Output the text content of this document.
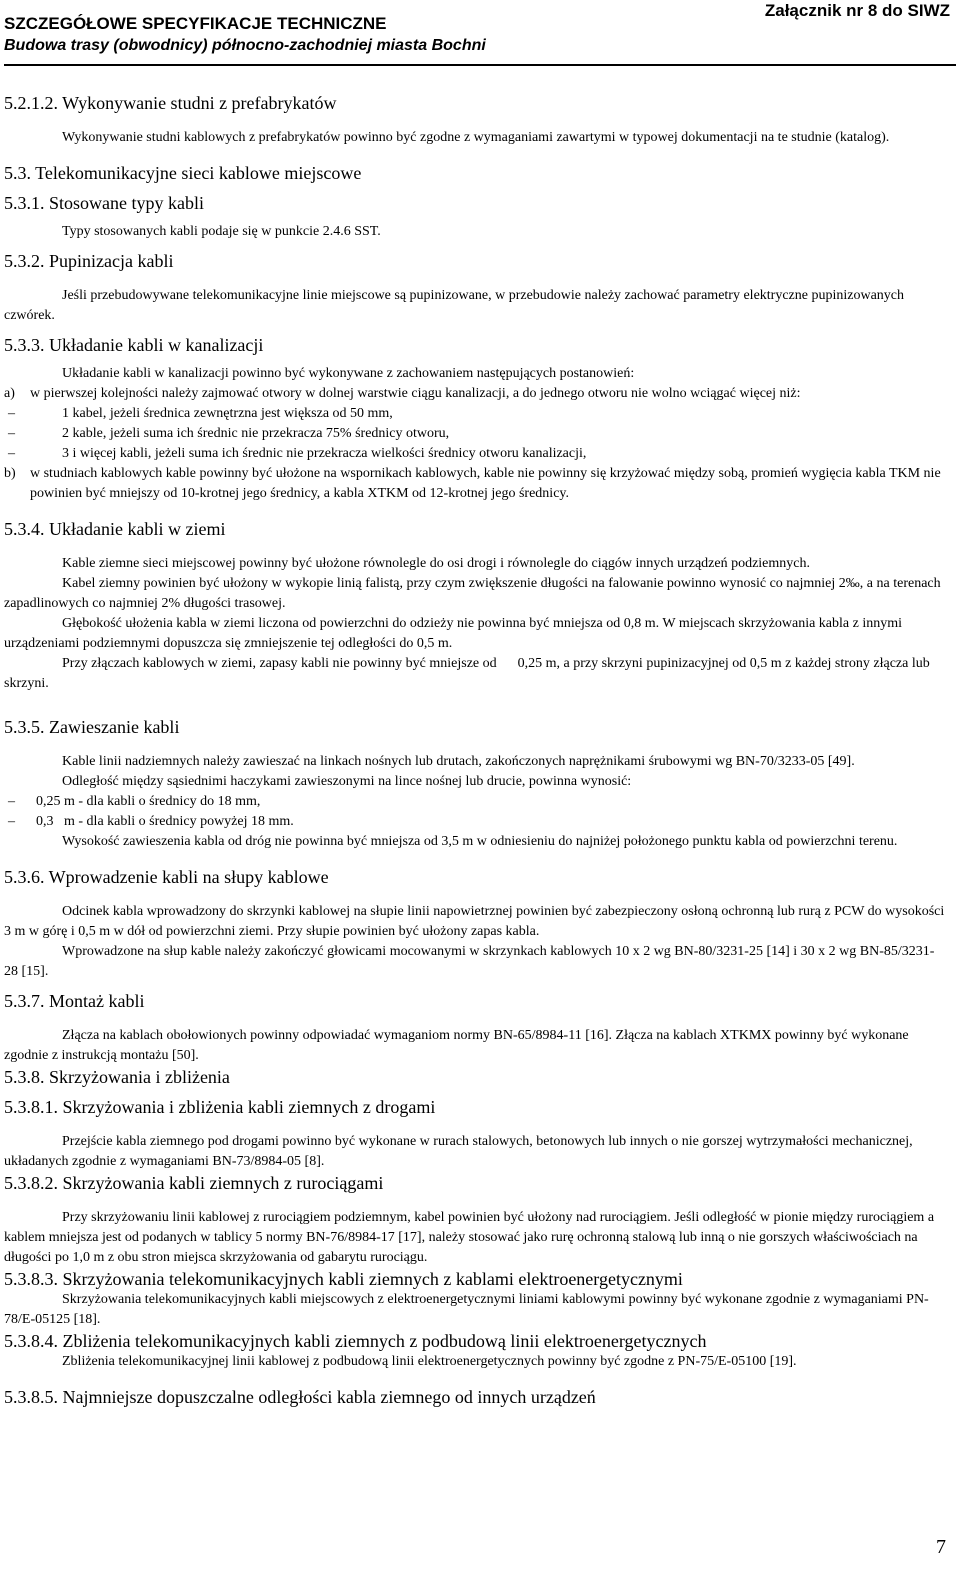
SZCZEGÓŁOWE SPECYFIKACJE TECHNICZNE
Budowa trasy (obwodnicy) północno-zachodniej miasta Bochni
Załącznik nr 8 do SIWZ
5.2.1.2. Wykonywanie studni z prefabrykatów

Wykonywanie studni kablowych z prefabrykatów powinno być zgodne z wymaganiami zawartymi w typowej dokumentacji na te studnie (katalog).

5.3. Telekomunikacyjne sieci kablowe miejscowe
5.3.1. Stosowane typy kabli

Typy stosowanych kabli podaje się w punkcie 2.4.6 SST.

5.3.2. Pupinizacja kabli

Jeśli przebudowywane telekomunikacyjne linie miejscowe są pupinizowane, w przebudowie należy zachować parametry elektryczne pupinizowanych czwórek.

5.3.3. Układanie kabli w kanalizacji

Układanie kabli w kanalizacji powinno być wykonywane z zachowaniem następujących postanowień:

a)	w pierwszej kolejności należy zajmować otwory w dolnej warstwie ciągu kanalizacji, a do jednego otworu nie wolno wciągać więcej niż:
–	1 kabel, jeżeli średnica zewnętrzna jest większa od 50 mm,
–	2 kable, jeżeli suma ich średnic nie przekracza 75% średnicy otworu,
–	3 i więcej kabli, jeżeli suma ich średnic nie przekracza wielkości średnicy otworu kanalizacji,
b)	w studniach kablowych kable powinny być ułożone na wspornikach kablowych, kable nie powinny się krzyżować między sobą, promień wygięcia kabla TKM nie powinien być mniejszy od 10-krotnej jego średnicy, a kabla XTKM od 12-krotnej jego średnicy.
5.3.4. Układanie kabli w ziemi

Kable ziemne sieci miejscowej powinny być ułożone równolegle do osi drogi i równolegle do ciągów innych urządzeń podziemnych.

Kabel ziemny powinien być ułożony w wykopie linią falistą, przy czym zwiększenie długości na falowanie powinno wynosić co najmniej 2‰, a na terenach zapadlinowych co najmniej 2% długości trasowej.

Głębokość ułożenia kabla w ziemi liczona od powierzchni do odzieży nie powinna być mniejsza od 0,8 m. W miejscach skrzyżowania kabla z innymi urządzeniami podziemnymi dopuszcza się zmniejszenie tej odległości do 0,5 m.

Przy złączach kablowych w ziemi, zapasy kabli nie powinny być mniejsze od      0,25 m, a przy skrzyni pupinizacyjnej od 0,5 m z każdej strony złącza lub skrzyni.

5.3.5. Zawieszanie kabli

Kable linii nadziemnych należy zawieszać na linkach nośnych lub drutach, zakończonych naprężnikami śrubowymi wg BN-70/3233-05 [49].

Odległość między sąsiednimi haczykami zawieszonymi na lince nośnej lub drucie, powinna wynosić:

–	0,25 m - dla kabli o średnicy do 18 mm,
–	0,3   m - dla kabli o średnicy powyżej 18 mm.

Wysokość zawieszenia kabla od dróg nie powinna być mniejsza od 3,5 m w odniesieniu do najniżej położonego punktu kabla od powierzchni terenu.

5.3.6. Wprowadzenie kabli na słupy kablowe

Odcinek kabla wprowadzony do skrzynki kablowej na słupie linii napowietrznej powinien być zabezpieczony osłoną ochronną lub rurą z PCW do wysokości 3 m w górę i 0,5 m w dół od powierzchni ziemi. Przy słupie powinien być ułożony zapas kabla.

Wprowadzone na słup kable należy zakończyć głowicami mocowanymi w skrzynkach kablowych 10 x 2 wg BN-80/3231-25 [14] i 30 x 2 wg BN-85/3231-28 [15].

5.3.7. Montaż kabli

Złącza na kablach obołowionych powinny odpowiadać wymaganiom normy BN-65/8984-11 [16]. Złącza na kablach XTKMX powinny być wykonane zgodnie z instrukcją montażu [50].

5.3.8. Skrzyżowania i zbliżenia
5.3.8.1. Skrzyżowania i zbliżenia kabli ziemnych z drogami

Przejście kabla ziemnego pod drogami powinno być wykonane w rurach stalowych, betonowych lub innych o nie gorszej wytrzymałości mechanicznej, układanych zgodnie z wymaganiami BN-73/8984-05 [8].

5.3.8.2. Skrzyżowania kabli ziemnych z rurociągami

Przy skrzyżowaniu linii kablowej z rurociągiem podziemnym, kabel powinien być ułożony nad rurociągiem. Jeśli odległość w pionie między rurociągiem a kablem mniejsza jest od podanych w tablicy 5 normy BN-76/8984-17 [17], należy stosować jako rurę ochronną stalową lub inną o nie gorszych właściwościach na długości po 1,0 m z obu stron miejsca skrzyżowania od gabarytu rurociągu.

5.3.8.3. Skrzyżowania telekomunikacyjnych kabli ziemnych z kablami elektroenergetycznymi

Skrzyżowania telekomunikacyjnych kabli miejscowych z elektroenergetycznymi liniami kablowymi powinny być wykonane zgodnie z wymaganiami PN-78/E-05125 [18].

5.3.8.4. Zbliżenia telekomunikacyjnych kabli ziemnych z podbudową linii elektroenergetycznych

Zbliżenia telekomunikacyjnej linii kablowej z podbudową linii elektroenergetycznych powinny być zgodne z PN-75/E-05100 [19].

5.3.8.5. Najmniejsze dopuszczalne odległości kabla ziemnego od innych urządzeń
7
